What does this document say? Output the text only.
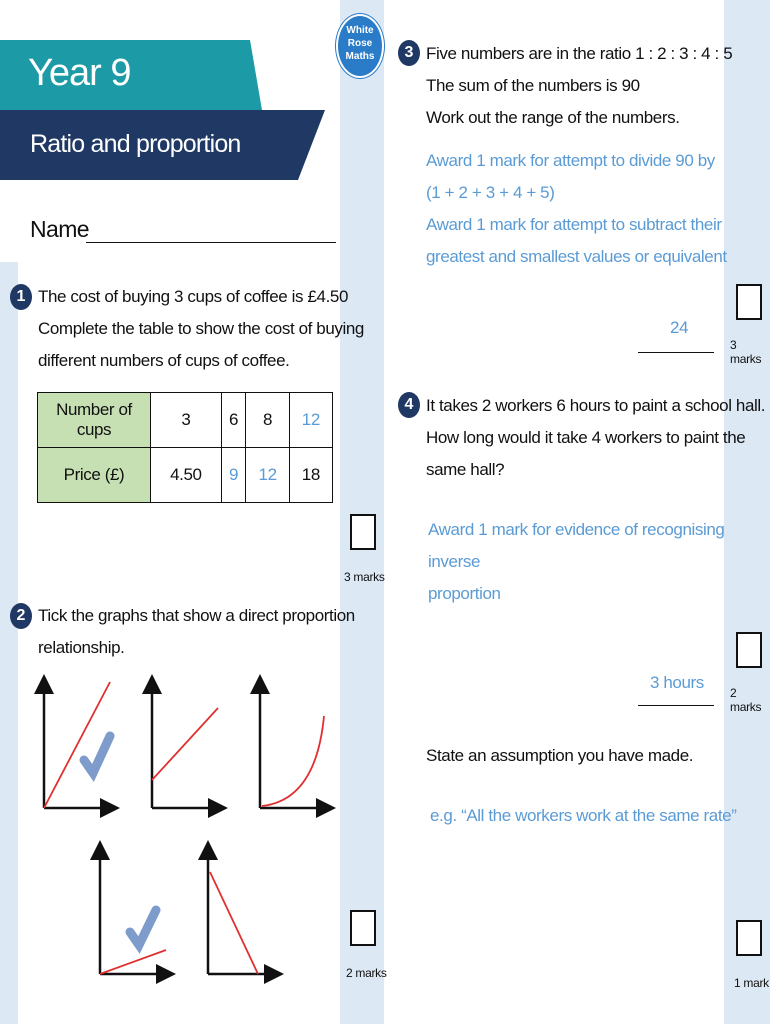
Year 9
Ratio and proportion
White
Rose
Maths
Name
1 The cost of buying 3 cups of coffee is £4.50
Complete the table to show the cost of buying
different numbers of cups of coffee.
Number of cups	3	6	8	12
Price (£)	4.50	9	12	18
3 marks
2 Tick the graphs that show a direct proportion
relationship.
2 marks
3 Five numbers are in the ratio 1 : 2 : 3 : 4 : 5
The sum of the numbers is 90
Work out the range of the numbers.
Award 1 mark for attempt to divide 90 by
(1 + 2 + 3 + 4 + 5)
Award 1 mark for attempt to subtract their
greatest and smallest values or equivalent
24
3 marks
4 It takes 2 workers 6 hours to paint a school hall.
How long would it take 4 workers to paint the
same hall?
Award 1 mark for evidence of recognising inverse
proportion
3 hours
2 marks
State an assumption you have made.
e.g. “All the workers work at the same rate”
1 mark
